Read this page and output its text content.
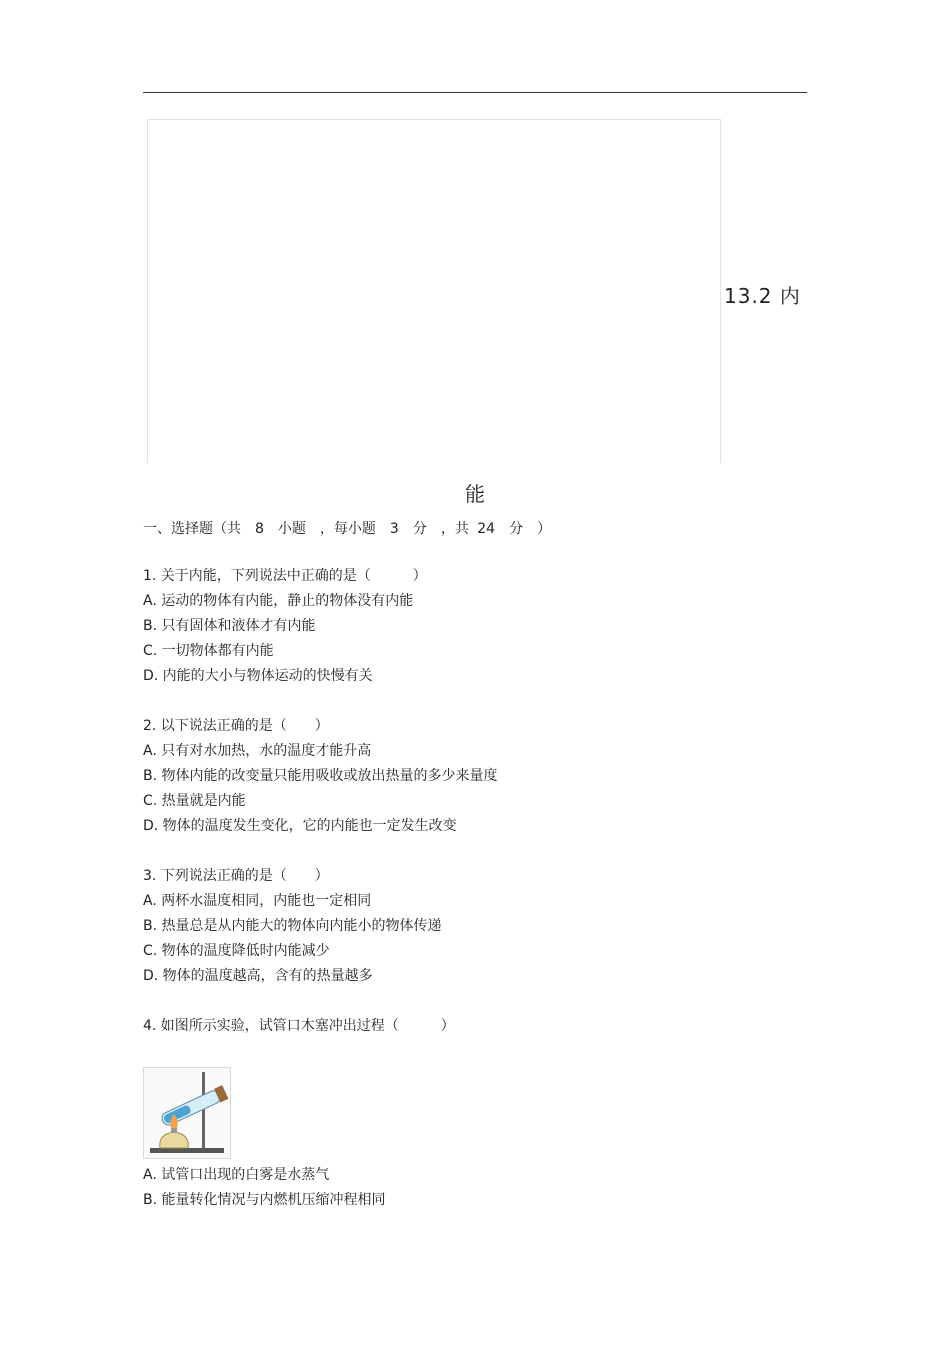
13.2 内
能
一、选择题（共　8　小题　，每小题　3　分　，共 24　分　）
1. 关于内能，下列说法中正确的是（　　　）
A. 运动的物体有内能，静止的物体没有内能
B. 只有固体和液体才有内能
C. 一切物体都有内能
D. 内能的大小与物体运动的快慢有关
2. 以下说法正确的是（　　）
A. 只有对水加热，水的温度才能升高
B. 物体内能的改变量只能用吸收或放出热量的多少来量度
C. 热量就是内能
D. 物体的温度发生变化，它的内能也一定发生改变
3. 下列说法正确的是（　　）
A. 两杯水温度相同，内能也一定相同
B. 热量总是从内能大的物体向内能小的物体传递
C. 物体的温度降低时内能减少
D. 物体的温度越高，含有的热量越多
4. 如图所示实验，试管口木塞冲出过程（　　　）
A. 试管口出现的白雾是水蒸气
B. 能量转化情况与内燃机压缩冲程相同
